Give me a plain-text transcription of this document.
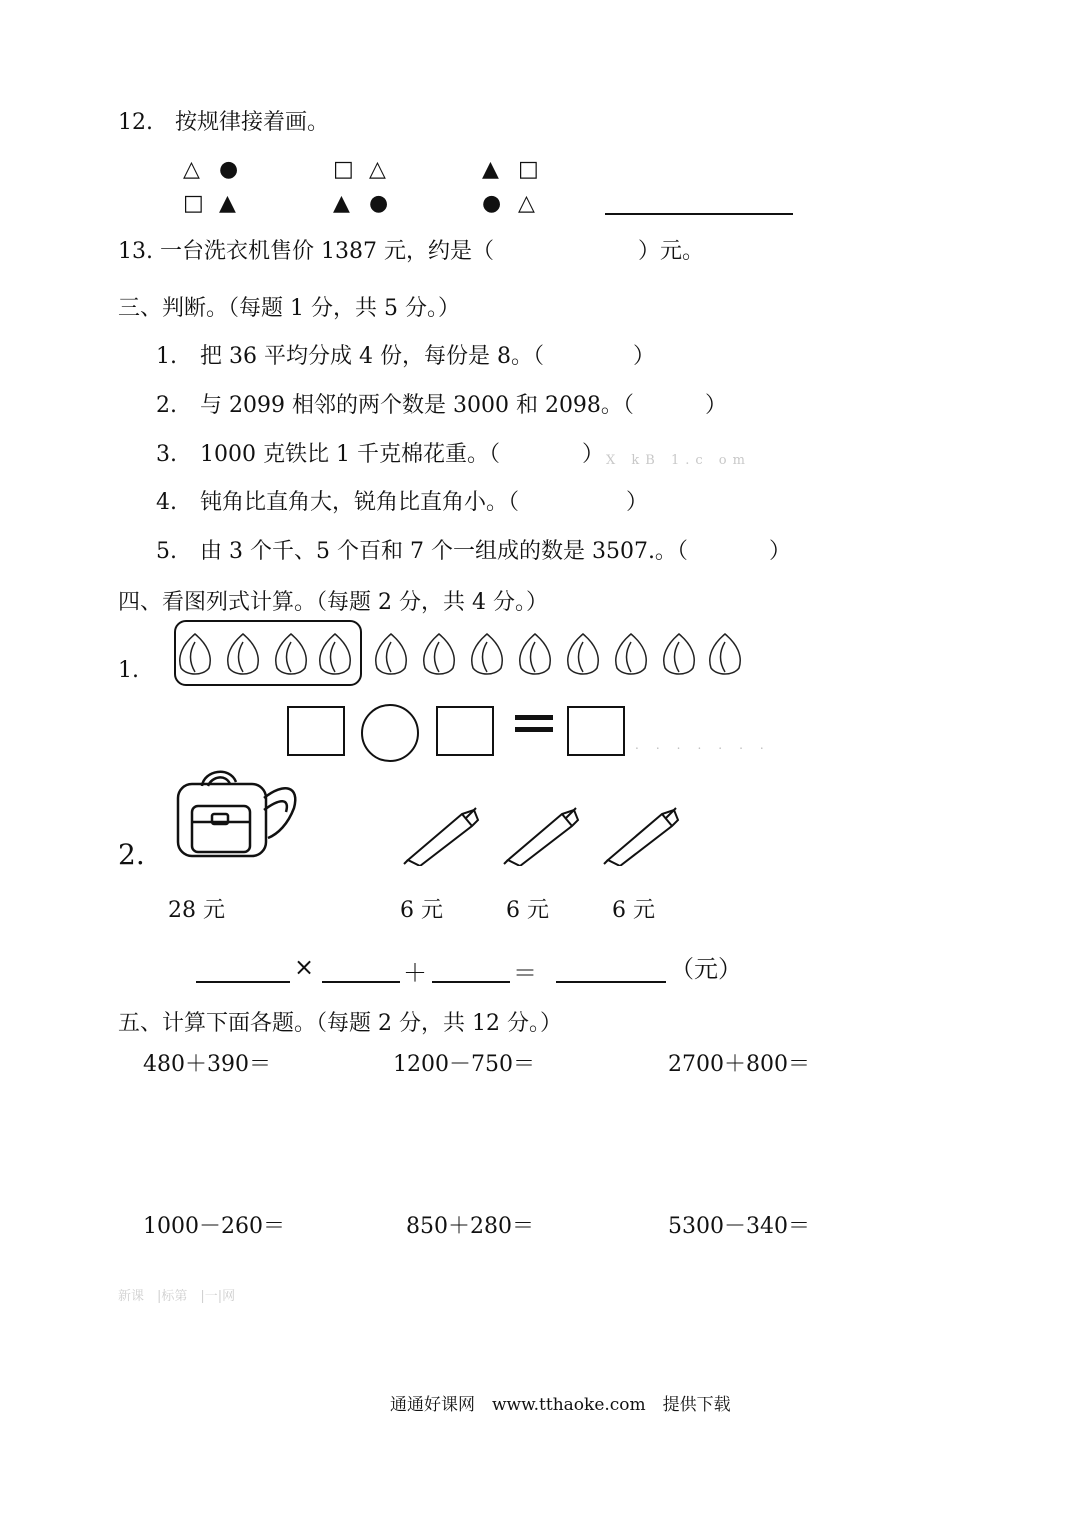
12.　按规律接着画。
△ ●	□ △	▲ □
□ ▲	▲ ●	● △
13. 一台洗衣机售价 1387 元，约是（	）元。
三、判断。（每题 1 分，共 5 分。）
1. 把 36 平均分成 4 份，每份是 8。（	）
2. 与 2099 相邻的两个数是 3000 和 2098。（	）
3. 1000 克铁比 1 千克棉花重。（	） X kB 1.c om
4. 钝角比直角大，锐角比直角小。（	）
5. 由 3 个千、5 个百和 7 个一组成的数是 3507.。（	）
四、看图列式计算。（每题 2 分，共 4 分。）
1.
.......
2.
28 元	6 元	6 元	6 元
×	＋	＝	（元）
五、计算下面各题。（每题 2 分，共 12 分。）
480＋390＝	1200－750＝	2700＋800＝
1000－260＝	850＋280＝	5300－340＝
新课　|标第　|一|网
通通好课网　www.tthaoke.com　提供下载
